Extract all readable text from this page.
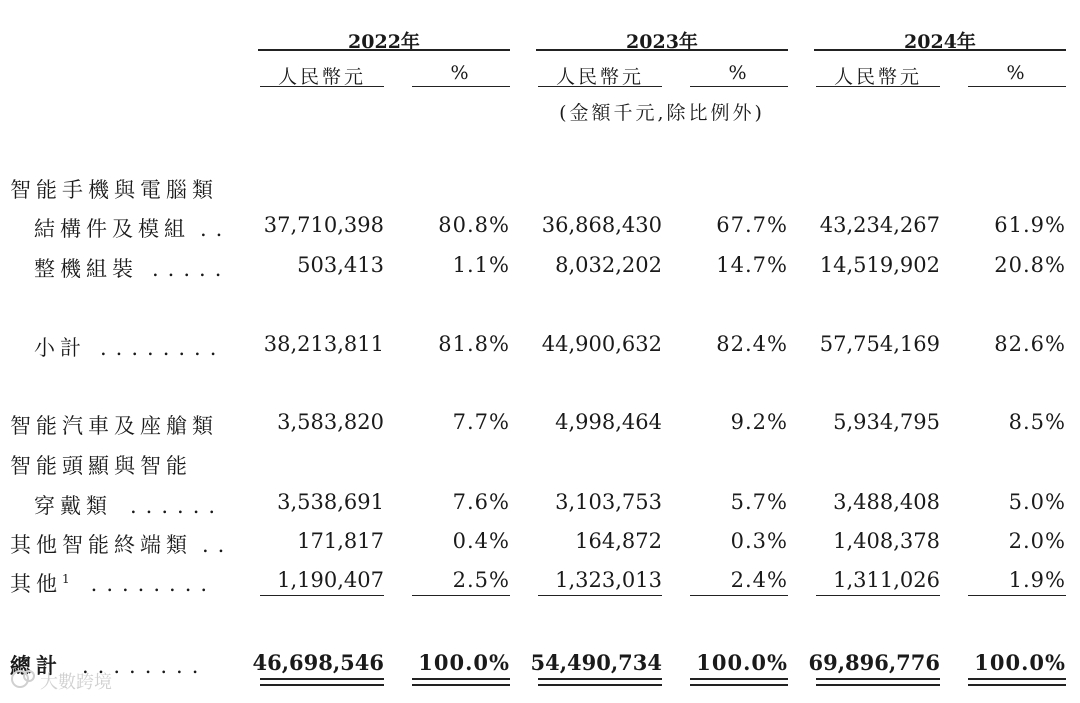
2022年	2023年	2024年
人民幣元	%	人民幣元	%	人民幣元	%
(金額千元,除比例外)
智能手機與電腦類
結構件及模組 ..	37,710,398	80.8%	36,868,430	67.7%	43,234,267	61.9%
整機組裝 .....	503,413	1.1%	8,032,202	14.7%	14,519,902	20.8%
小計 ........	38,213,811	81.8%	44,900,632	82.4%	57,754,169	82.6%
智能汽車及座艙類	3,583,820	7.7%	4,998,464	9.2%	5,934,795	8.5%
智能頭顯與智能
穿戴類 ......	3,538,691	7.6%	3,103,753	5.7%	3,488,408	5.0%
其他智能終端類 ..	171,817	0.4%	164,872	0.3%	1,408,378	2.0%
其他$^1$ ........	1,190,407	2.5%	1,323,013	2.4%	1,311,026	1.9%
總計 ........	46,698,546	100.0% 54,490,734	100.0% 69,896,776	100.0%
大數跨境
